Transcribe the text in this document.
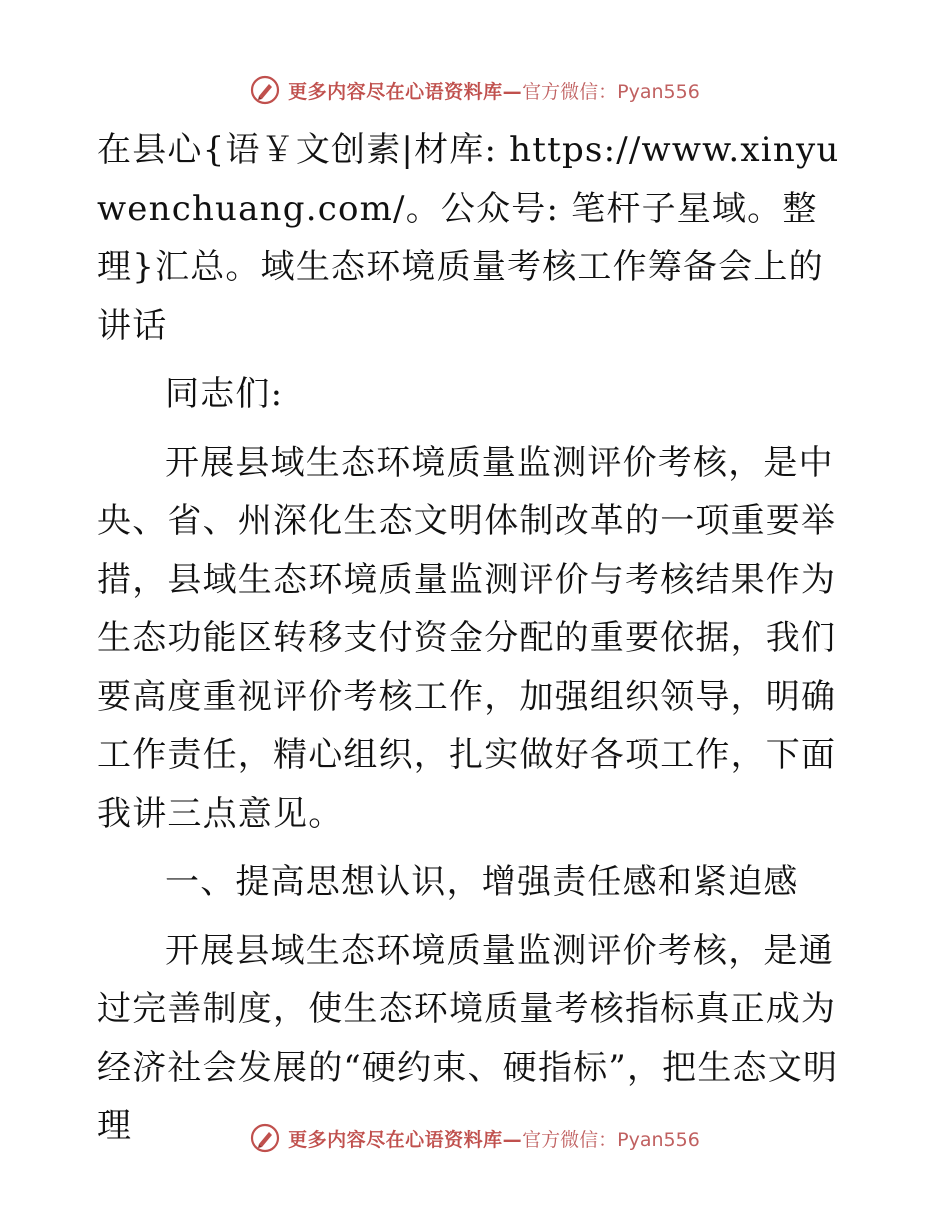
更多内容尽在心语资料库— 官方微信：Pyan556

在县心{语￥文创素|材库: https://www.xinyuwenchuang.com/。公众号: 笔杆子星域。整理}汇总。域生态环境质量考核工作筹备会上的讲话

同志们:

开展县域生态环境质量监测评价考核，是中央、省、州深化生态文明体制改革的一项重要举措，县域生态环境质量监测评价与考核结果作为生态功能区转移支付资金分配的重要依据，我们要高度重视评价考核工作，加强组织领导，明确工作责任，精心组织，扎实做好各项工作，下面我讲三点意见。

一、提高思想认识，增强责任感和紧迫感

开展县域生态环境质量监测评价考核，是通过完善制度，使生态环境质量考核指标真正成为经济社会发展的“硬约束、硬指标”，把生态文明理	更多内容尽在心语资料库— 官方微信：Pyan556
